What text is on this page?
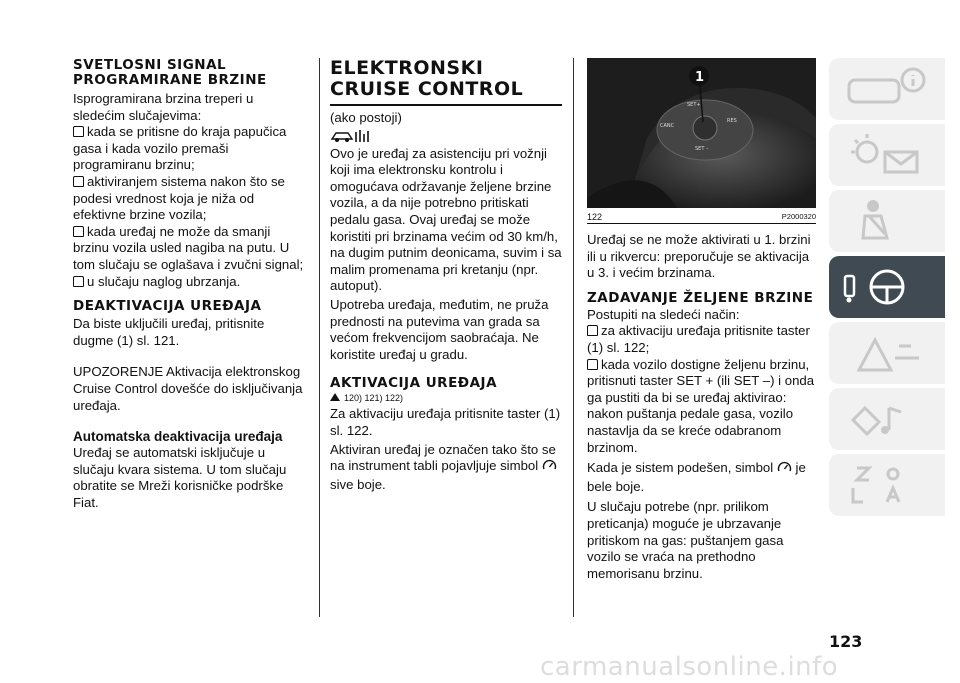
SVETLOSNI SIGNAL PROGRAMIRANE BRZINE

Isprogramirana brzina treperi u sledećim slučajevima:

kada se pritisne do kraja papučica gasa i kada vozilo premaši programiranu brzinu;

aktiviranjem sistema nakon što se podesi vrednost koja je niža od efektivne brzine vozila;

kada uređaj ne može da smanji brzinu vozila usled nagiba na putu. U tom slučaju se oglašava i zvučni signal;

u slučaju naglog ubrzanja.

DEAKTIVACIJA UREĐAJA

Da biste uključili uređaj, pritisnite dugme (1) sl. 121.

UPOZORENJE Aktivacija elektronskog Cruise Control dovešće do isključivanja uređaja.

Automatska deaktivacija uređaja

Uređaj se automatski isključuje u slučaju kvara sistema. U tom slučaju obratite se Mreži korisničke podrške Fiat.

ELEKTRONSKI CRUISE CONTROL

(ako postoji)

Ovo je uređaj za asistenciju pri vožnji koji ima elektronsku kontrolu i omogućava održavanje željene brzine vozila, a da nije potrebno pritiskati pedalu gasa. Ovaj uređaj se može koristiti pri brzinama većim od 30 km/h, na dugim putnim deonicama, suvim i sa malim promenama pri kretanju (npr. autoput).

Upotreba uređaja, međutim, ne pruža prednosti na putevima van grada sa većom frekvencijom saobraćaja. Ne koristite uređaj u gradu.

AKTIVACIJA UREĐAJA
120) 121) 122)

Za aktivaciju uređaja pritisnite taster (1) sl. 122.

Aktiviran uređaj je označen tako što se na instrument tabli pojavljuje simbol  sive boje.

SET+
CANC
RES
SET –
1
122	P2000320

Uređaj se ne može aktivirati u 1. brzini ili u rikvercu: preporučuje se aktivacija u 3. i većim brzinama.

ZADAVANJE ŽELJENE BRZINE

Postupiti na sledeći način:

za aktivaciju uređaja pritisnite taster (1) sl. 122;

kada vozilo dostigne željenu brzinu, pritisnuti taster SET + (ili SET –) i onda ga pustiti da bi se uređaj aktivirao: nakon puštanja pedale gasa, vozilo nastavlja da se kreće odabranom brzinom.

Kada je sistem podešen, simbol je bele boje.

U slučaju potrebe (npr. prilikom preticanja) moguće je ubrzavanje pritiskom na gas: puštanjem gasa vozilo se vraća na prethodno memorisanu brzinu.

123
carmanualsonline.info
